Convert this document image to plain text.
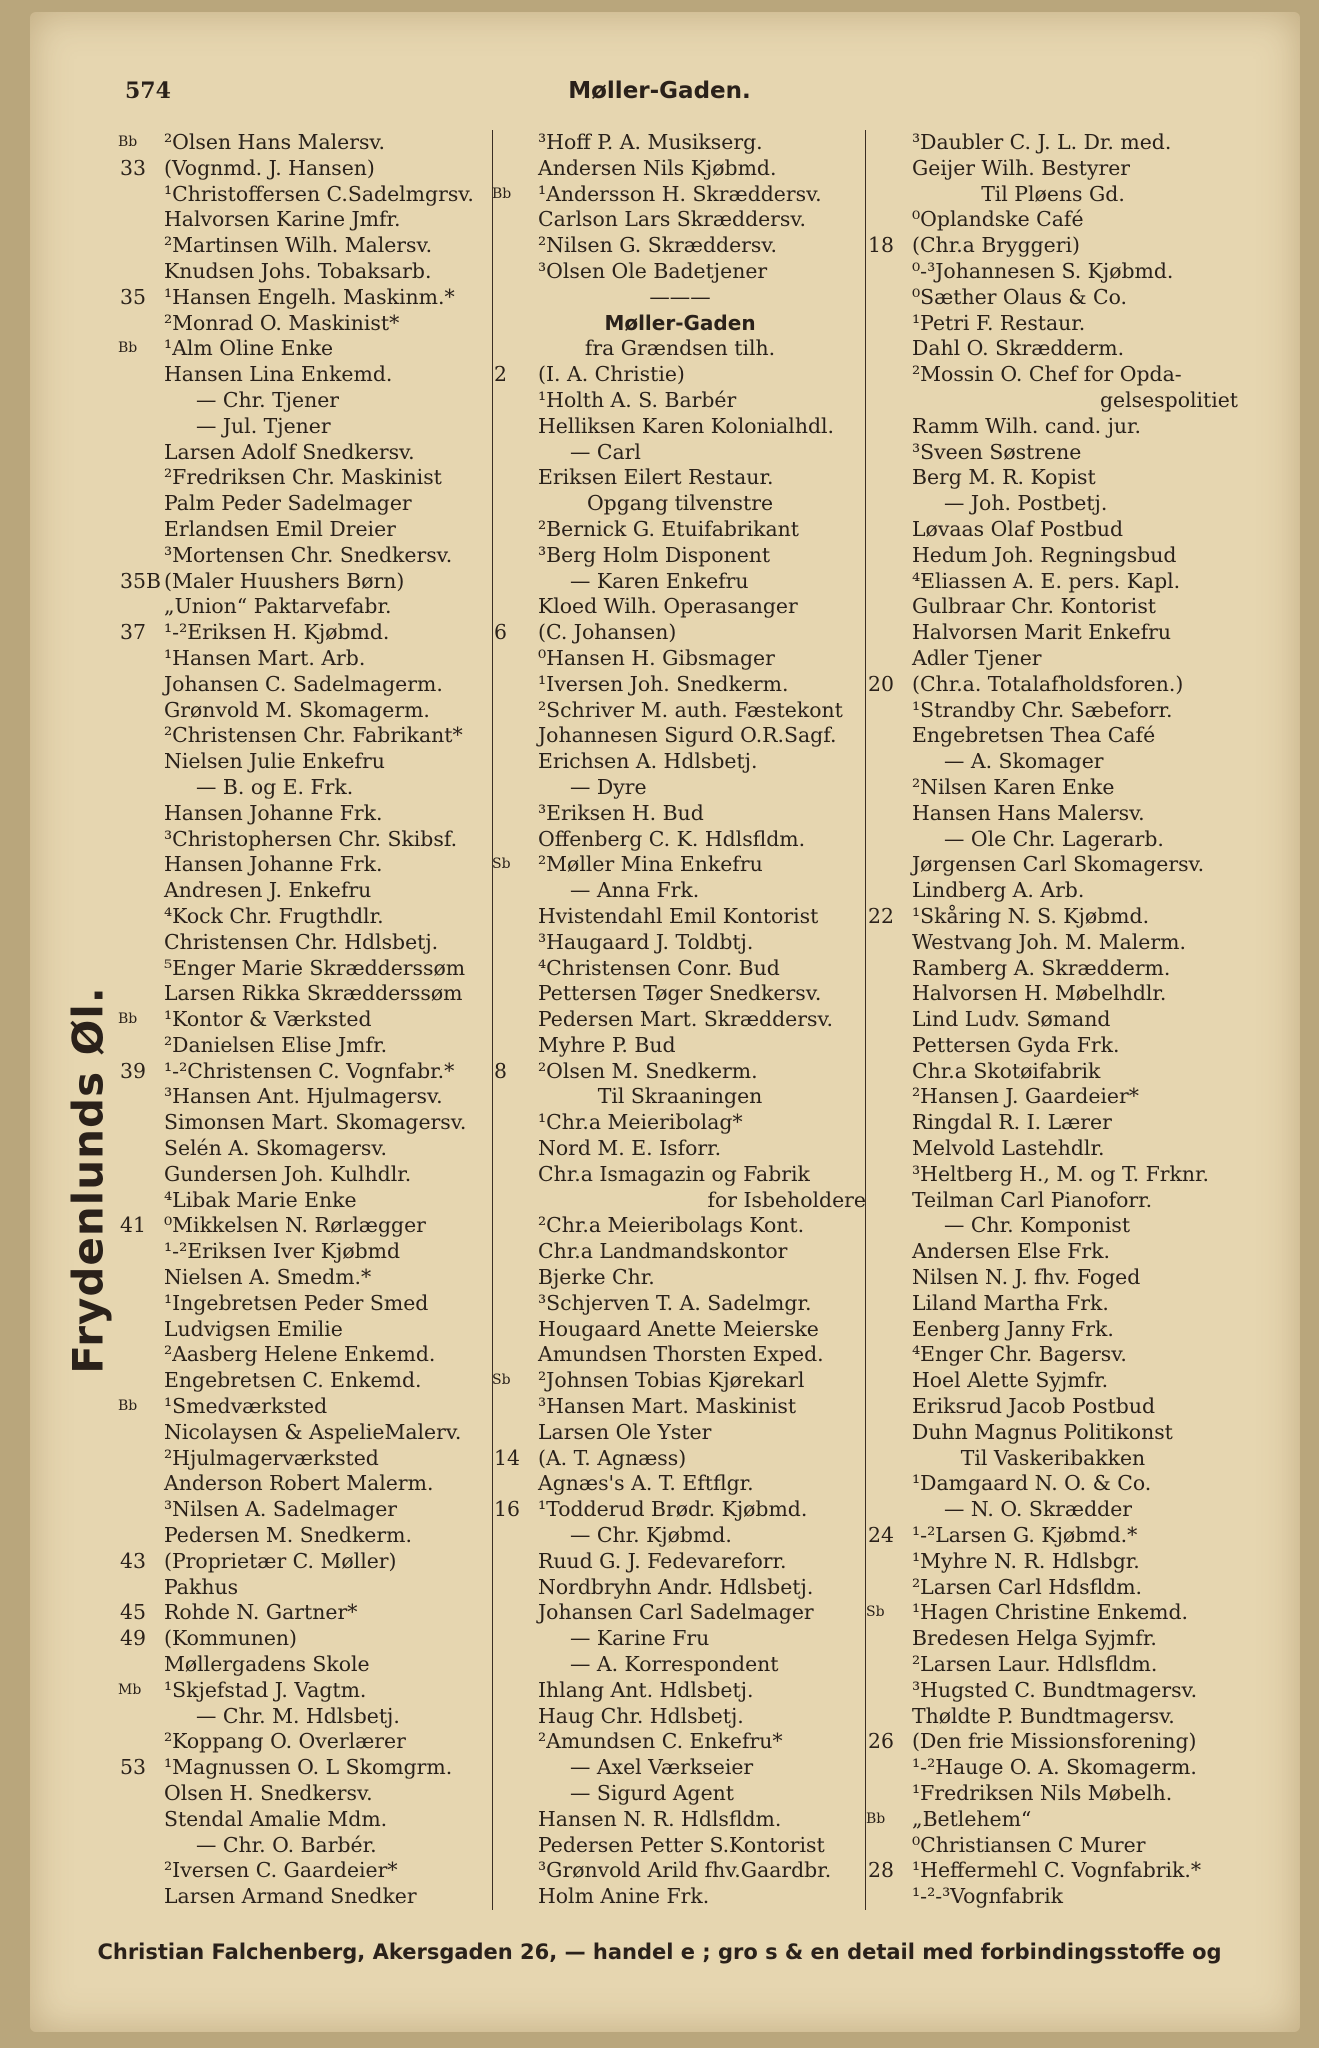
574	Møller-Gaden.
Frydenlunds Øl.
Bb ²Olsen Hans Malersv.
33 (Vognmd. J. Hansen)
¹Christoffersen C.Sadelmgrsv.
Halvorsen Karine Jmfr.
²Martinsen Wilh. Malersv.
Knudsen Johs. Tobaksarb.
35 ¹Hansen Engelh. Maskinm.*
²Monrad O. Maskinist*
Bb ¹Alm Oline Enke
Hansen Lina Enkemd.
— Chr. Tjener
— Jul. Tjener
Larsen Adolf Snedkersv.
²Fredriksen Chr. Maskinist
Palm Peder Sadelmager
Erlandsen Emil Dreier
³Mortensen Chr. Snedkersv.
35B (Maler Huushers Børn)
„Union“ Paktarvefabr.
37 ¹-²Eriksen H. Kjøbmd.
¹Hansen Mart. Arb.
Johansen C. Sadelmagerm.
Grønvold M. Skomagerm.
²Christensen Chr. Fabrikant*
Nielsen Julie Enkefru
— B. og E. Frk.
Hansen Johanne Frk.
³Christophersen Chr. Skibsf.
Hansen Johanne Frk.
Andresen J. Enkefru
⁴Kock Chr. Frugthdlr.
Christensen Chr. Hdlsbetj.
⁵Enger Marie Skrædderssøm
Larsen Rikka Skrædderssøm
Bb ¹Kontor & Værksted
²Danielsen Elise Jmfr.
39 ¹-²Christensen C. Vognfabr.*
³Hansen Ant. Hjulmagersv.
Simonsen Mart. Skomagersv.
Selén A. Skomagersv.
Gundersen Joh. Kulhdlr.
⁴Libak Marie Enke
41 ⁰Mikkelsen N. Rørlægger
¹-²Eriksen Iver Kjøbmd
Nielsen A. Smedm.*
¹Ingebretsen Peder Smed
Ludvigsen Emilie
²Aasberg Helene Enkemd.
Engebretsen C. Enkemd.
Bb ¹Smedværksted
Nicolaysen & AspelieMalerv.
²Hjulmagerværksted
Anderson Robert Malerm.
³Nilsen A. Sadelmager
Pedersen M. Snedkerm.
43 (Proprietær C. Møller)
Pakhus
45 Rohde N. Gartner*
49 (Kommunen)
Møllergadens Skole
Mb ¹Skjefstad J. Vagtm.
— Chr. M. Hdlsbetj.
²Koppang O. Overlærer
53 ¹Magnussen O. L Skomgrm.
Olsen H. Snedkersv.
Stendal Amalie Mdm.
— Chr. O. Barbér.
²Iversen C. Gaardeier*
Larsen Armand Snedker
³Hoff P. A. Musikserg.
Andersen Nils Kjøbmd.
Bb ¹Andersson H. Skræddersv.
Carlson Lars Skræddersv.
²Nilsen G. Skræddersv.
³Olsen Ole Badetjener
———
Møller-Gaden
fra Grændsen tilh.
2 (I. A. Christie)
¹Holth A. S. Barbér
Helliksen Karen Kolonialhdl.
— Carl
Eriksen Eilert Restaur.
Opgang tilvenstre
²Bernick G. Etuifabrikant
³Berg Holm Disponent
— Karen Enkefru
Kloed Wilh. Operasanger
6 (C. Johansen)
⁰Hansen H. Gibsmager
¹Iversen Joh. Snedkerm.
²Schriver M. auth. Fæstekont
Johannesen Sigurd O.R.Sagf.
Erichsen A. Hdlsbetj.
— Dyre
³Eriksen H. Bud
Offenberg C. K. Hdlsfldm.
Sb ²Møller Mina Enkefru
— Anna Frk.
Hvistendahl Emil Kontorist
³Haugaard J. Toldbtj.
⁴Christensen Conr. Bud
Pettersen Tøger Snedkersv.
Pedersen Mart. Skræddersv.
Myhre P. Bud
8 ²Olsen M. Snedkerm.
Til Skraaningen
¹Chr.a Meieribolag*
Nord M. E. Isforr.
Chr.a Ismagazin og Fabrik
for Isbeholdere
²Chr.a Meieribolags Kont.
Chr.a Landmandskontor
Bjerke Chr.
³Schjerven T. A. Sadelmgr.
Hougaard Anette Meierske
Amundsen Thorsten Exped.
Sb ²Johnsen Tobias Kjørekarl
³Hansen Mart. Maskinist
Larsen Ole Yster
14 (A. T. Agnæss)
Agnæs's A. T. Eftflgr.
16 ¹Todderud Brødr. Kjøbmd.
— Chr. Kjøbmd.
Ruud G. J. Fedevareforr.
Nordbryhn Andr. Hdlsbetj.
Johansen Carl Sadelmager
— Karine Fru
— A. Korrespondent
Ihlang Ant. Hdlsbetj.
Haug Chr. Hdlsbetj.
²Amundsen C. Enkefru*
— Axel Værkseier
— Sigurd Agent
Hansen N. R. Hdlsfldm.
Pedersen Petter S.Kontorist
³Grønvold Arild fhv.Gaardbr.
Holm Anine Frk.
³Daubler C. J. L. Dr. med.
Geijer Wilh. Bestyrer
Til Pløens Gd.
⁰Oplandske Café
18 (Chr.a Bryggeri)
⁰-³Johannesen S. Kjøbmd.
⁰Sæther Olaus & Co.
¹Petri F. Restaur.
Dahl O. Skrædderm.
²Mossin O. Chef for Opda-
gelsespolitiet
Ramm Wilh. cand. jur.
³Sveen Søstrene
Berg M. R. Kopist
— Joh. Postbetj.
Løvaas Olaf Postbud
Hedum Joh. Regningsbud
⁴Eliassen A. E. pers. Kapl.
Gulbraar Chr. Kontorist
Halvorsen Marit Enkefru
Adler Tjener
20 (Chr.a. Totalafholdsforen.)
¹Strandby Chr. Sæbeforr.
Engebretsen Thea Café
— A. Skomager
²Nilsen Karen Enke
Hansen Hans Malersv.
— Ole Chr. Lagerarb.
Jørgensen Carl Skomagersv.
Lindberg A. Arb.
22 ¹Skåring N. S. Kjøbmd.
Westvang Joh. M. Malerm.
Ramberg A. Skrædderm.
Halvorsen H. Møbelhdlr.
Lind Ludv. Sømand
Pettersen Gyda Frk.
Chr.a Skotøifabrik
²Hansen J. Gaardeier*
Ringdal R. I. Lærer
Melvold Lastehdlr.
³Heltberg H., M. og T. Frknr.
Teilman Carl Pianoforr.
— Chr. Komponist
Andersen Else Frk.
Nilsen N. J. fhv. Foged
Liland Martha Frk.
Eenberg Janny Frk.
⁴Enger Chr. Bagersv.
Hoel Alette Syjmfr.
Eriksrud Jacob Postbud
Duhn Magnus Politikonst
Til Vaskeribakken
¹Damgaard N. O. & Co.
— N. O. Skrædder
24 ¹-²Larsen G. Kjøbmd.*
¹Myhre N. R. Hdlsbgr.
²Larsen Carl Hdsfldm.
Sb ¹Hagen Christine Enkemd.
Bredesen Helga Syjmfr.
²Larsen Laur. Hdlsfldm.
³Hugsted C. Bundtmagersv.
Thøldte P. Bundtmagersv.
26 (Den frie Missionsforening)
¹-²Hauge O. A. Skomagerm.
¹Fredriksen Nils Møbelh.
Bb „Betlehem“
⁰Christiansen C Murer
28 ¹Heffermehl C. Vognfabrik.*
¹-²-³Vognfabrik
Christian Falchenberg, Akersgaden 26, — handel e ; gro s & en detail med forbindingsstoffe og
